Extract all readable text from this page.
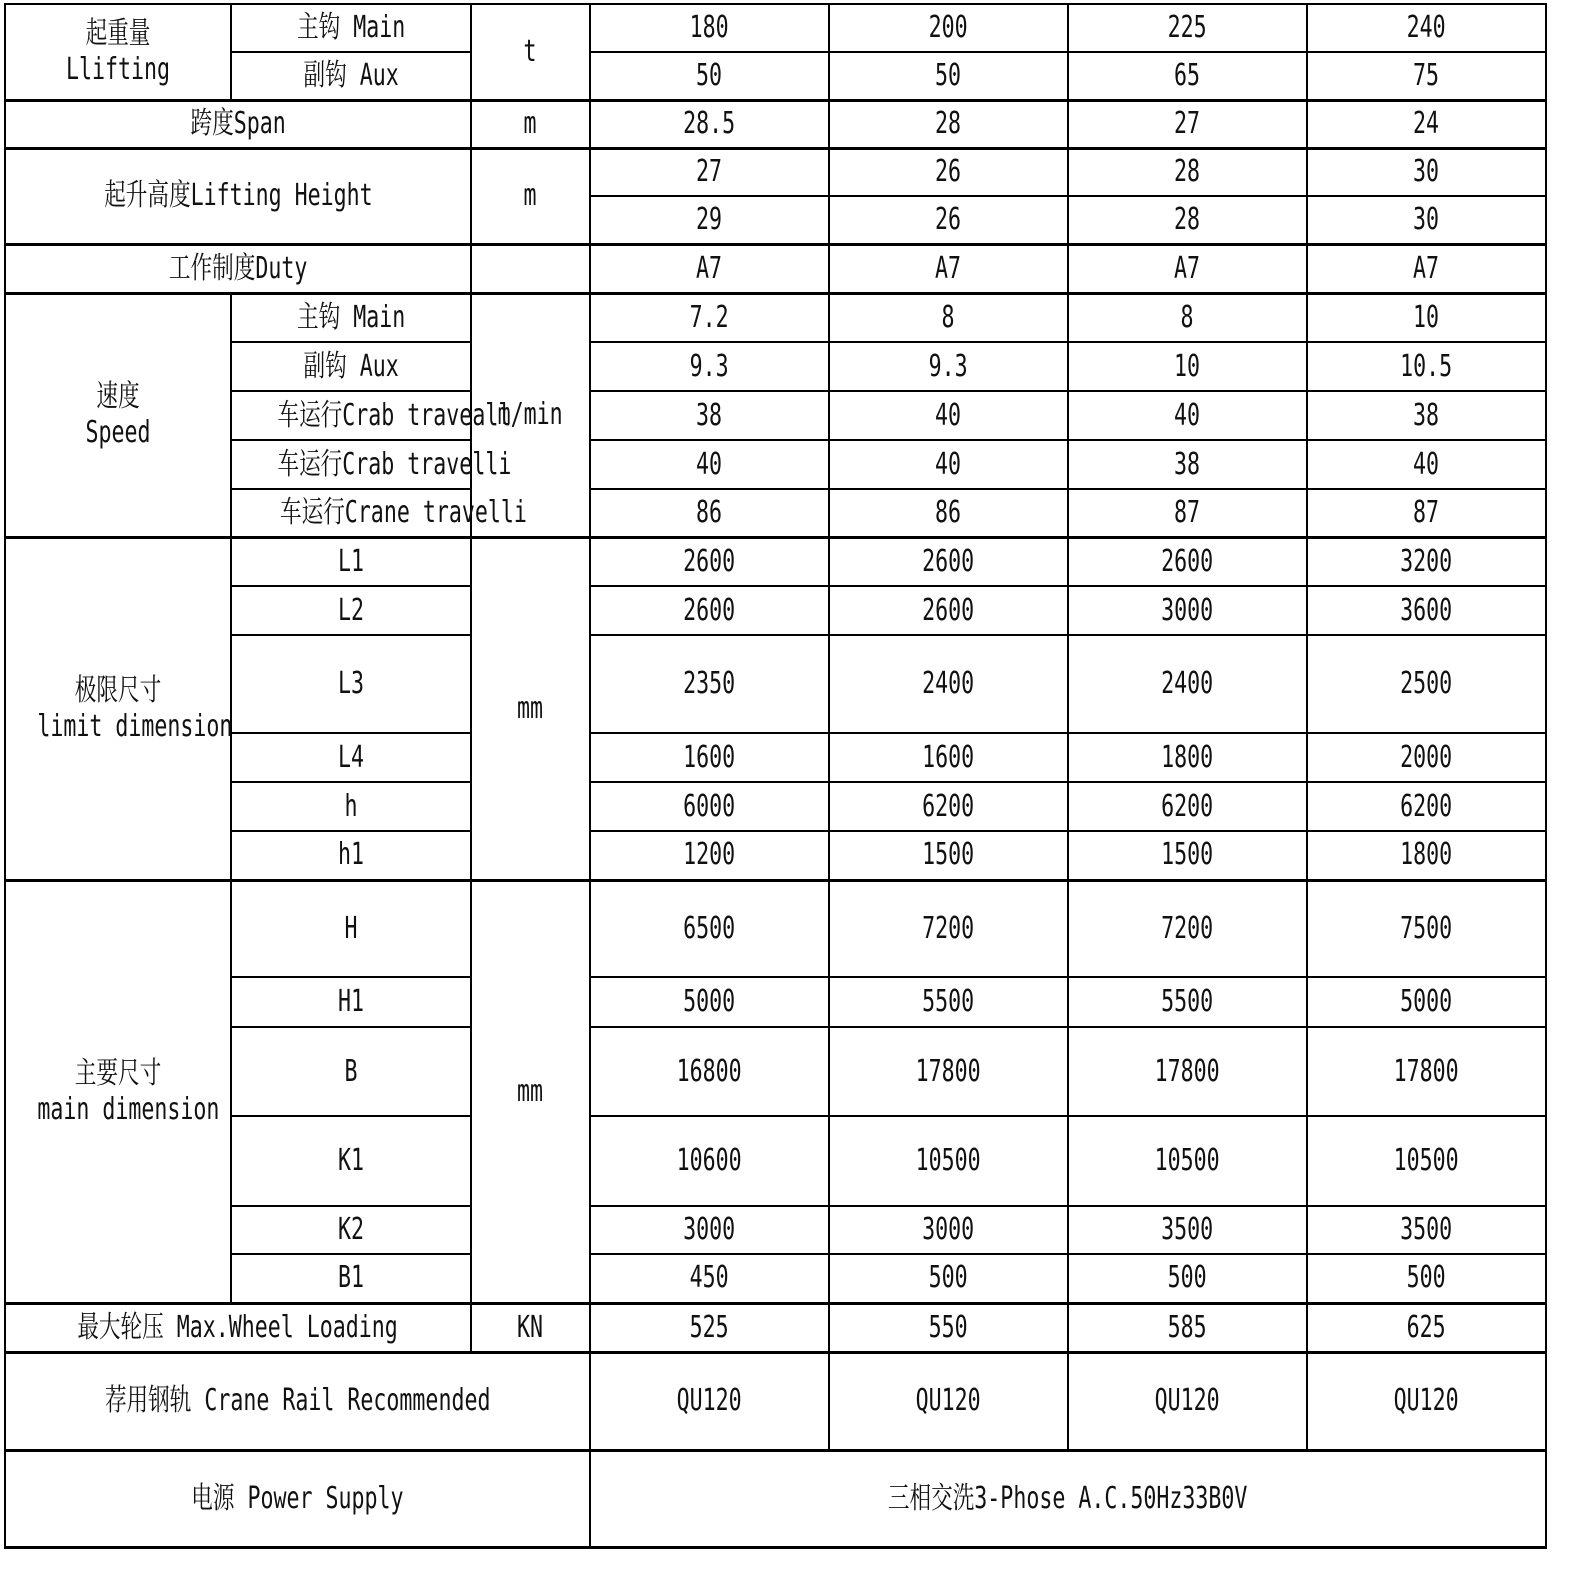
起重量
Llifting	主钩 Main	t	180	200	225	240
	副钩 Aux		50	50	65	75
跨度Span		m	28.5	28	27	24
起升高度Lifting Height		m	27	26	28	30
			29	26	28	30
工作制度Duty			A7	A7	A7	A7

速度
Speed	主钩 Main	m/min	7.2	8	8	10
	副钩 Aux		9.3	9.3	10	10.5
	车运行Crab traveall		38	40	40	38
	车运行Crab travelli		40	40	38	40
	车运行Crane travelli		86	86	87	87

极限尺寸
limit dimension	L1	mm	2600	2600	2600	3200
	L2		2600	2600	3000	3600
	L3		2350	2400	2400	2500
	L4		1600	1600	1800	2000
	h		6000	6200	6200	6200
	h1		1200	1500	1500	1800

主要尺寸
main dimension	H	mm	6500	7200	7200	7500
	H1		5000	5500	5500	5000
	B		16800	17800	17800	17800
	K1		10600	10500	10500	10500
	K2		3000	3000	3500	3500
	B1		450	500	500	500
最大轮压 Max.Wheel Loading		KN	525	550	585	625
荐用钢轨 Crane Rail Recommended			QU120	QU120	QU120	QU120
电源 Power Supply			三相交洗3-Phose A.C.50Hz33B0V			
